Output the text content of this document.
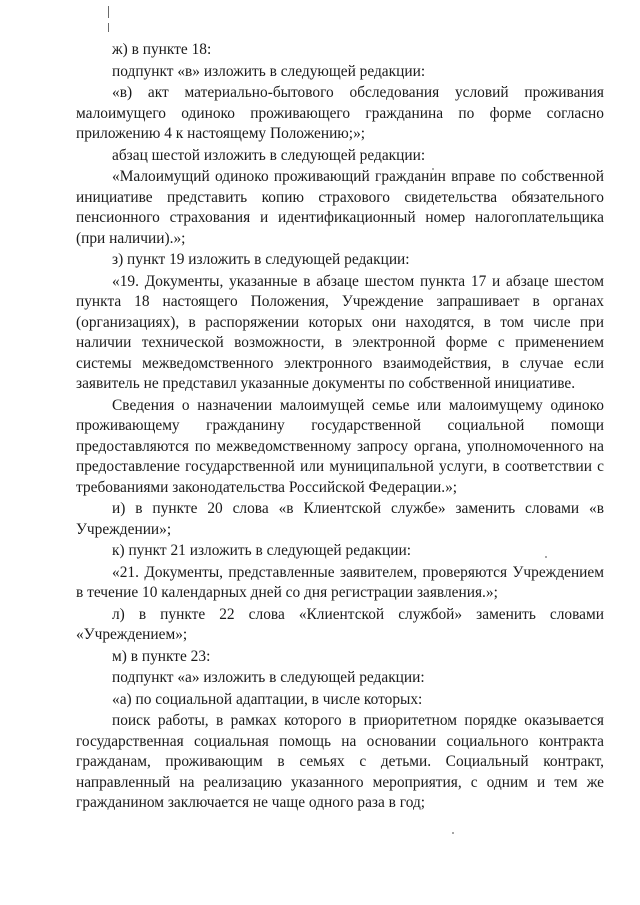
ж) в пункте 18:

подпункт «в» изложить в следующей редакции:

«в) акт материально-бытового обследования условий проживания малоимущего одиноко проживающего гражданина по форме согласно приложению 4 к настоящему Положению;»;

абзац шестой изложить в следующей редакции:

«Малоимущий одиноко проживающий гражданин вправе по собственной инициативе представить копию страхового свидетельства обязательного пенсионного страхования и идентификационный номер налогоплательщика (при наличии).»;

з) пункт 19 изложить в следующей редакции:

«19. Документы, указанные в абзаце шестом пункта 17 и абзаце шестом пункта 18 настоящего Положения, Учреждение запрашивает в органах (организациях), в распоряжении которых они находятся, в том числе при наличии технической возможности, в электронной форме с применением системы межведомственного электронного взаимодействия, в случае если заявитель не представил указанные документы по собственной инициативе.

Сведения о назначении малоимущей семье или малоимущему одиноко проживающему гражданину государственной социальной помощи предоставляются по межведомственному запросу органа, уполномоченного на предоставление государственной или муниципальной услуги, в соответствии с требованиями законодательства Российской Федерации.»;

и) в пункте 20 слова «в Клиентской службе» заменить словами «в Учреждении»;

к) пункт 21 изложить в следующей редакции:

«21. Документы, представленные заявителем, проверяются Учреждением в течение 10 календарных дней со дня регистрации заявления.»;

л) в пункте 22 слова «Клиентской службой» заменить словами «Учреждением»;

м) в пункте 23:

подпункт «а» изложить в следующей редакции:

«а) по социальной адаптации, в числе которых:

поиск работы, в рамках которого в приоритетном порядке оказывается государственная социальная помощь на основании социального контракта гражданам, проживающим в семьях с детьми. Социальный контракт, направленный на реализацию указанного мероприятия, с одним и тем же гражданином заключается не чаще одного раза в год;
